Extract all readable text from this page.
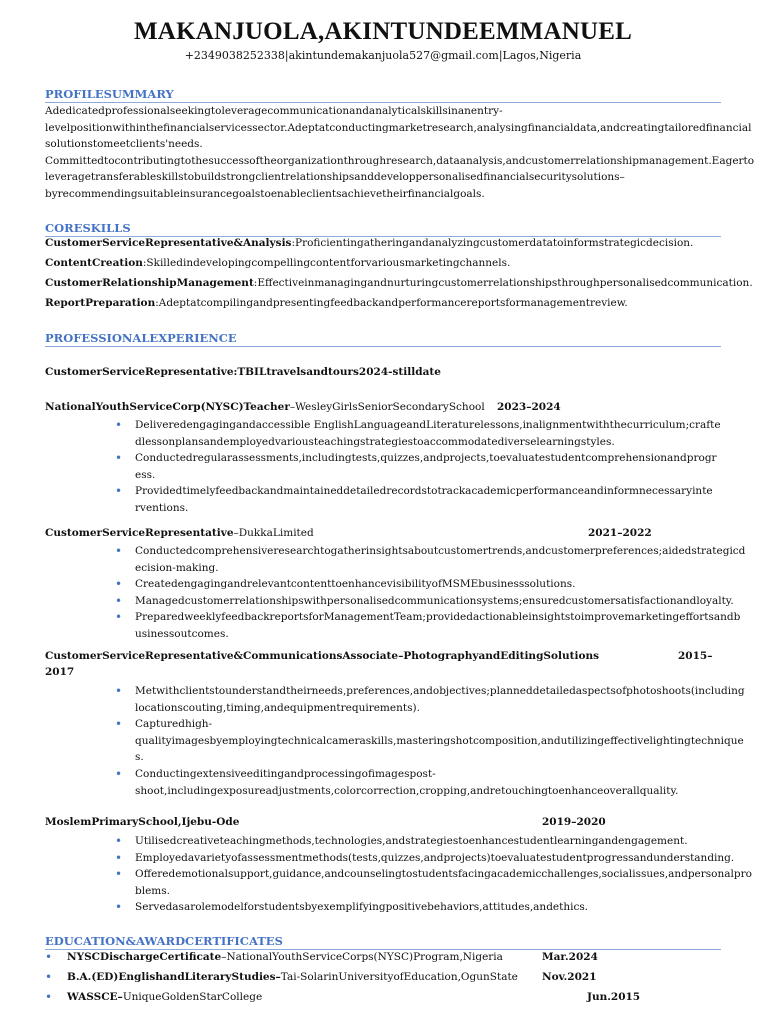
MAKANJUOLA,AKINTUNDEEMMANUEL
+2349038252338|akintundemakanjuola527@gmail.com|Lagos,Nigeria
PROFILESUMMARY
Adedicatedprofessionalseekingtoleveragecommunicationandanalyticalskillsinanentry-
levelpositionwithinthefinancialservicessector.Adeptatconductingmarketresearch,analysingfinancialdata,andcreatingtailoredfinancial
solutionstomeetclients'needs.
Committedtocontributingtothesuccessoftheorganizationthroughresearch,dataanalysis,andcustomerrelationshipmanagement.Eagerto
leveragetransferableskillstobuildstrongclientrelationshipsanddeveloppersonalisedfinancialsecuritysolutions–
byrecommendingsuitableinsurancegoalstoenableclientsachievetheirfinancialgoals.
CORESKILLS
CustomerServiceRepresentative&Analysis:Proficientingatheringandanalyzingcustomerdatatoinformstrategicdecision.
ContentCreation:Skilledindevelopingcompellingcontentforvariousmarketingchannels.
CustomerRelationshipManagement:Effectiveinmanagingandnurturingcustomerrelationshipsthroughpersonalisedcommunication.
ReportPreparation:Adeptatcompilingandpresentingfeedbackandperformancereportsformanagementreview.
PROFESSIONALEXPERIENCE
CustomerServiceRepresentative:TBILtravelsandtours2024-stilldate
NationalYouthServiceCorp(NYSC)Teacher–WesleyGirlsSeniorSecondarySchool	2023–2024
• Deliveredengagingandaccessible EnglishLanguageandLiteraturelessons,inalignmentwiththecurriculum;crafte
dlessonplansandemployedvariousteachingstrategiestoaccommodatediverselearningstyles.
• Conductedregularassessments,includingtests,quizzes,andprojects,toevaluatestudentcomprehensionandprogr
ess.
• Providedtimelyfeedbackandmaintaineddetailedrecordstotrackacademicperformanceandinformnecessaryinte
rventions.
CustomerServiceRepresentative–DukkaLimited	2021–2022
• Conductedcomprehensiveresearchtogatherinsightsaboutcustomertrends,andcustomerpreferences;aidedstrategicd
ecision-making.
• CreatedengagingandrelevantcontenttoenhancevisibilityofMSMEbusinesssolutions.
• Managedcustomerrelationshipswithpersonalisedcommunicationsystems;ensuredcustomersatisfactionandloyalty.
• PreparedweeklyfeedbackreportsforManagementTeam;providedactionableinsightstoimprovemarketingeffortsandb
usinessoutcomes.
CustomerServiceRepresentative&CommunicationsAssociate–PhotographyandEditingSolutions	2015–
2017
• Metwithclientstounderstandtheirneeds,preferences,andobjectives;planneddetailedaspectsofphotoshoots(including
locationscouting,timing,andequipmentrequirements).
• Capturedhigh-
qualityimagesbyemployingtechnicalcameraskills,masteringshotcomposition,andutilizingeffectivelightingtechnique
s.
• Conductingextensiveeditingandprocessingofimagespost-
shoot,includingexposureadjustments,colorcorrection,cropping,andretouchingtoenhanceoverallquality.
MoslemPrimarySchool,Ijebu-Ode	2019–2020
• Utilisedcreativeteachingmethods,technologies,andstrategiestoenhancestudentlearningandengagement.
• Employedavarietyofassessmentmethods(tests,quizzes,andprojects)toevaluatestudentprogressandunderstanding.
• Offeredemotionalsupport,guidance,andcounselingtostudentsfacingacademicchallenges,socialissues,andpersonalpro
blems.
• Servedasarolemodelforstudentsbyexemplifyingpositivebehaviors,attitudes,andethics.
EDUCATION&AWARDCERTIFICATES
• NYSCDischargeCertificate–NationalYouthServiceCorps(NYSC)Program,Nigeria	Mar.2024
• B.A.(ED)EnglishandLiteraryStudies–Tai-SolarinUniversityofEducation,OgunState Nov.2021
• WASSCE–UniqueGoldenStarCollege	Jun.2015
